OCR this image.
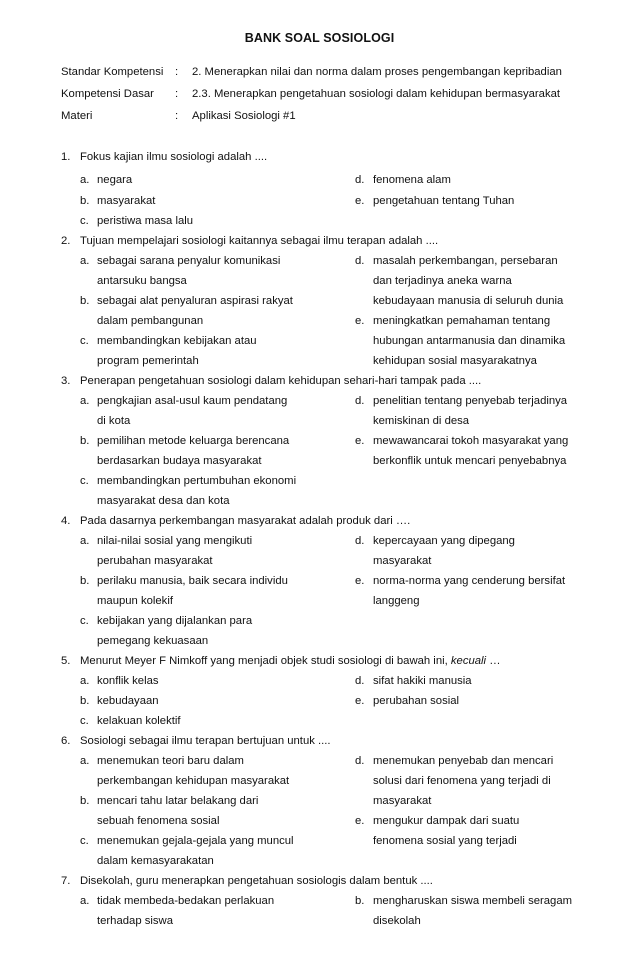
BANK SOAL SOSIOLOGI
Standar Kompetensi : 2. Menerapkan nilai dan norma dalam proses pengembangan kepribadian
Kompetensi Dasar : 2.3. Menerapkan pengetahuan sosiologi dalam kehidupan bermasyarakat
Materi	: Aplikasi Sosiologi #1
1. Fokus kajian ilmu sosiologi adalah ....
a. negara
b. masyarakat
c. peristiwa masa lalu
d. fenomena alam
e. pengetahuan tentang Tuhan
2. Tujuan mempelajari sosiologi kaitannya sebagai ilmu terapan adalah ....
a. sebagai sarana penyalur komunikasi
antarsuku bangsa
b. sebagai alat penyaluran aspirasi rakyat
dalam pembangunan
c. membandingkan kebijakan atau
program pemerintah
d. masalah perkembangan, persebaran
dan terjadinya aneka warna
kebudayaan manusia di seluruh dunia
e. meningkatkan pemahaman tentang
hubungan antarmanusia dan dinamika
kehidupan sosial masyarakatnya
3. Penerapan pengetahuan sosiologi dalam kehidupan sehari-hari tampak pada ....
a. pengkajian asal-usul kaum pendatang
di kota
b. pemilihan metode keluarga berencana
berdasarkan budaya masyarakat
c. membandingkan pertumbuhan ekonomi
masyarakat desa dan kota
d. penelitian tentang penyebab terjadinya
kemiskinan di desa
e. mewawancarai tokoh masyarakat yang
berkonflik untuk mencari penyebabnya
4. Pada dasarnya perkembangan masyarakat adalah produk dari ….
a. nilai-nilai sosial yang mengikuti
perubahan masyarakat
b. perilaku manusia, baik secara individu
maupun kolekif
c. kebijakan yang dijalankan para
pemegang kekuasaan
d. kepercayaan yang dipegang
masyarakat
e. norma-norma yang cenderung bersifat
langgeng
5. Menurut Meyer F Nimkoff yang menjadi objek studi sosiologi di bawah ini, kecuali …
a. konflik kelas
b. kebudayaan
c. kelakuan kolektif
d. sifat hakiki manusia
e. perubahan sosial
6. Sosiologi sebagai ilmu terapan bertujuan untuk ....
a. menemukan teori baru dalam
perkembangan kehidupan masyarakat
b. mencari tahu latar belakang dari
sebuah fenomena sosial
c. menemukan gejala-gejala yang muncul
dalam kemasyarakatan
d. menemukan penyebab dan mencari
solusi dari fenomena yang terjadi di
masyarakat
e. mengukur dampak dari suatu
fenomena sosial yang terjadi
7. Disekolah, guru menerapkan pengetahuan sosiologis dalam bentuk ....
a. tidak membeda-bedakan perlakuan
terhadap siswa
b. mengharuskan siswa membeli seragam
disekolah
